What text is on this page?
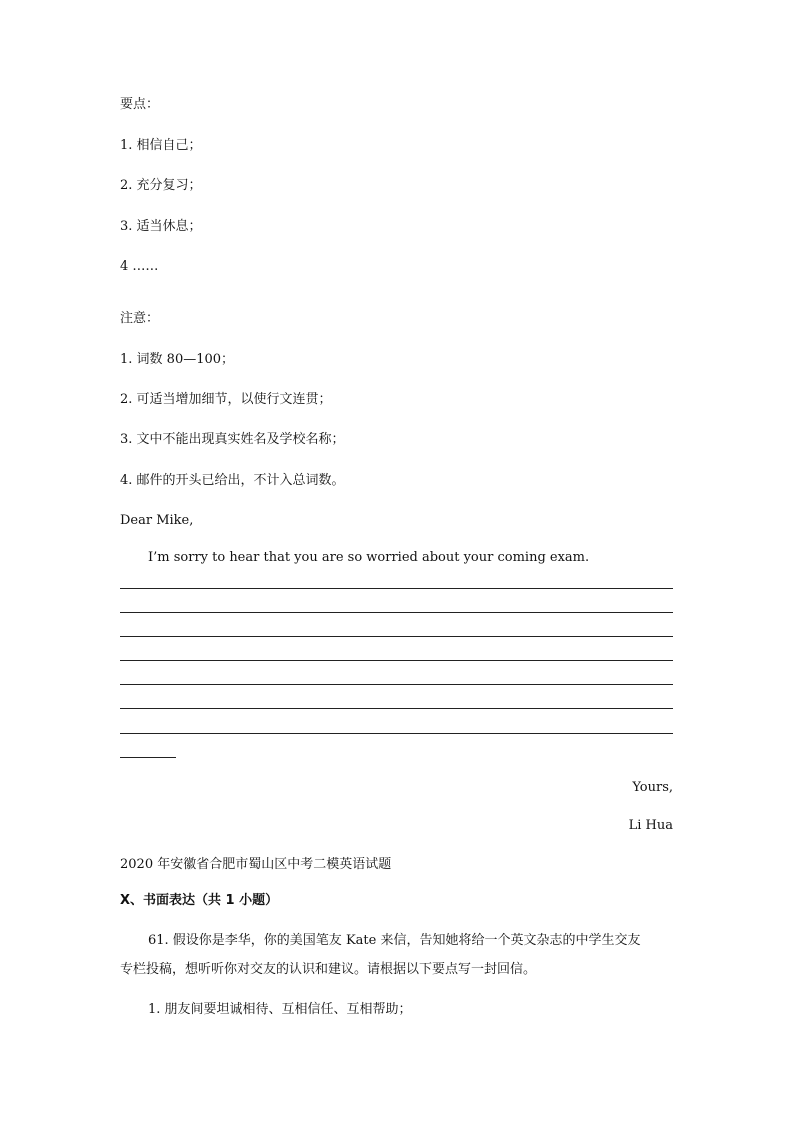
要点：
1. 相信自己；
2. 充分复习；
3. 适当休息；
4 ……
注意：
1. 词数 80—100；
2. 可适当增加细节，以使行文连贯；
3. 文中不能出现真实姓名及学校名称；
4. 邮件的开头已给出，不计入总词数。
Dear Mike,
I’m sorry to hear that you are so worried about your coming exam.
Yours,
Li Hua
2020 年安徽省合肥市蜀山区中考二模英语试题
X、书面表达（共 1 小题）
61. 假设你是李华，你的美国笔友 Kate 来信，告知她将给一个英文杂志的中学生交友
专栏投稿，想听听你对交友的认识和建议。请根据以下要点写一封回信。
1. 朋友间要坦诚相待、互相信任、互相帮助；
